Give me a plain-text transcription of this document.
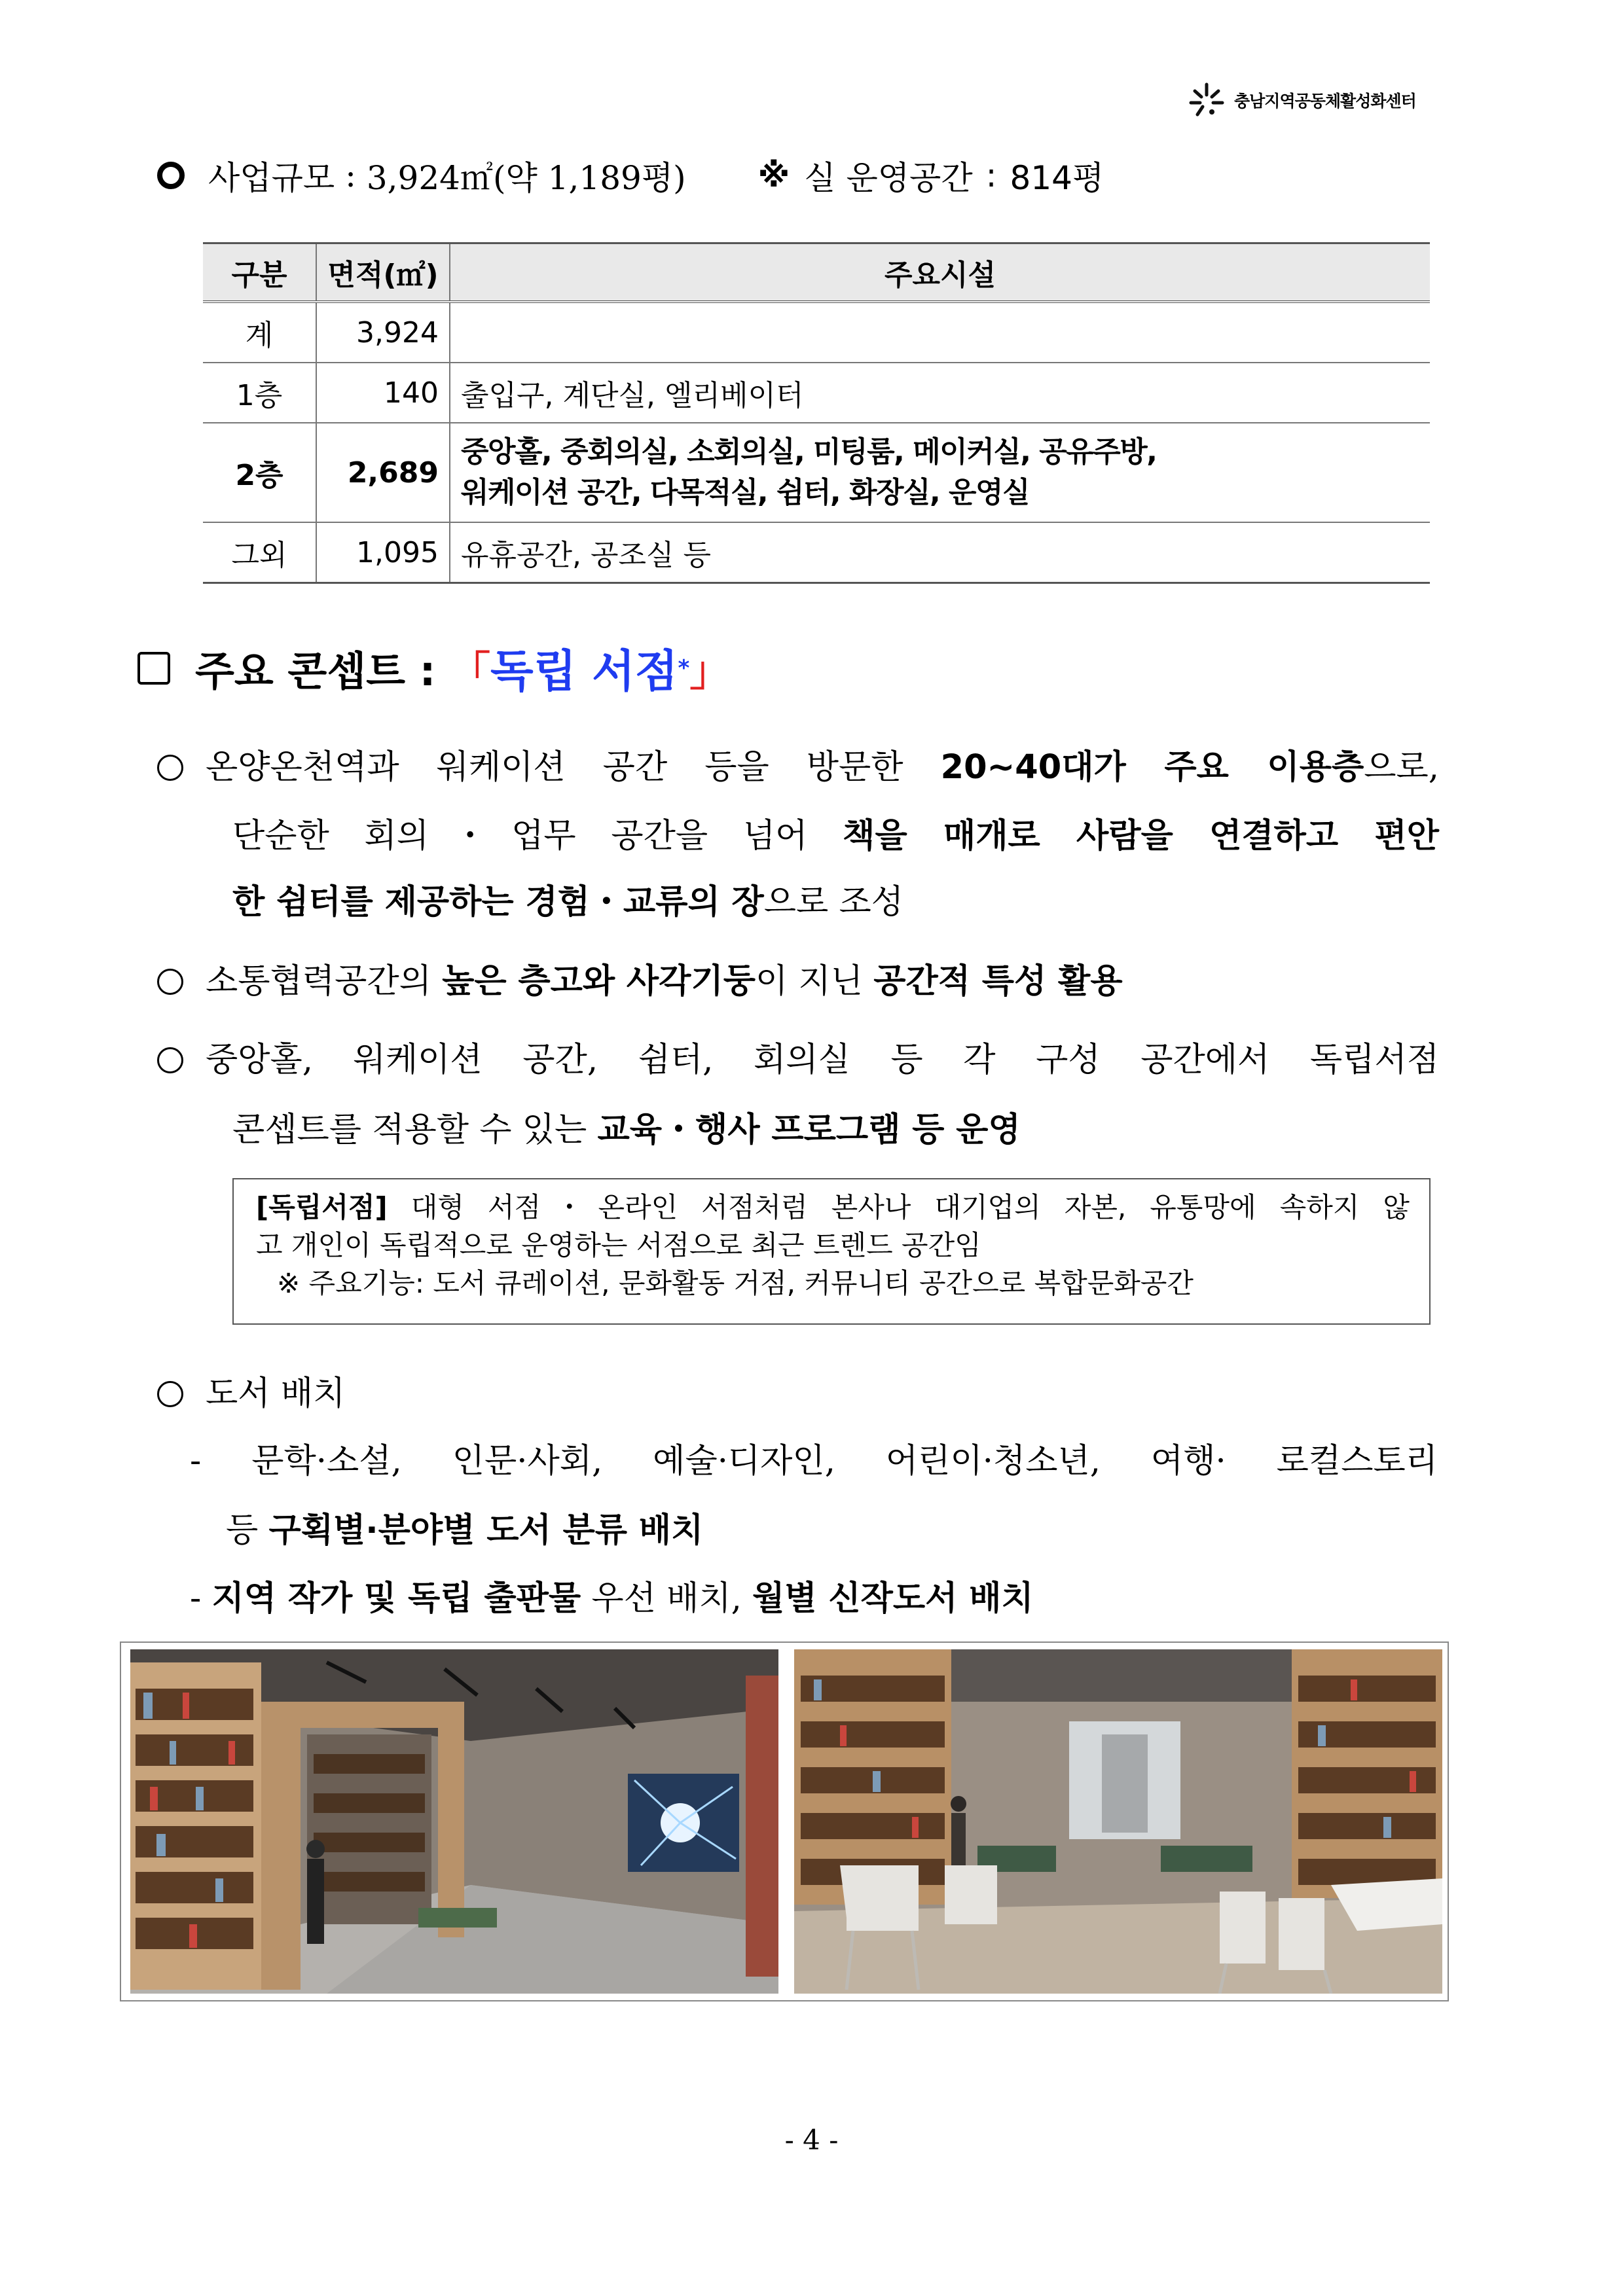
충남지역공동체활성화센터
사업규모 : 3,924㎡(약 1,189평) ※ 실 운영공간 : 814평
구분	면적(㎡)	주요시설
계	3,924	
1층	140	출입구, 계단실, 엘리베이터
2층	2,689	중앙홀, 중회의실, 소회의실, 미팅룸, 메이커실, 공유주방,
워케이션 공간, 다목적실, 쉼터, 화장실, 운영실

그외	1,095	유휴공간, 공조실 등
주요 콘셉트 : 「 독립 서점 * 」
온양온천역과 워케이션 공간 등을 방문한 20~40대가 주요 이용층으로,
단순한 회의・업무 공간을 넘어 책을 매개로 사람을 연결하고 편안
한 쉼터를 제공하는 경험・교류의 장으로 조성
소통협력공간의 높은 층고와 사각기둥이 지닌 공간적 특성 활용
중앙홀, 워케이션 공간, 쉼터, 회의실 등 각 구성 공간에서 독립서점
콘셉트를 적용할 수 있는 교육・행사 프로그램 등 운영
[독립서점] 대형 서점・온라인 서점처럼 본사나 대기업의 자본, 유통망에 속하지 않
고 개인이 독립적으로 운영하는 서점으로 최근 트렌드 공간임
※ 주요기능: 도서 큐레이션, 문화활동 거점, 커뮤니티 공간으로 복합문화공간
도서 배치
- 문학·소설, 인문·사회, 예술·디자인, 어린이·청소년, 여행· 로컬스토리
등 구획별·분야별 도서 분류 배치
- 지역 작가 및 독립 출판물 우선 배치, 월별 신작도서 배치
- 4 -
